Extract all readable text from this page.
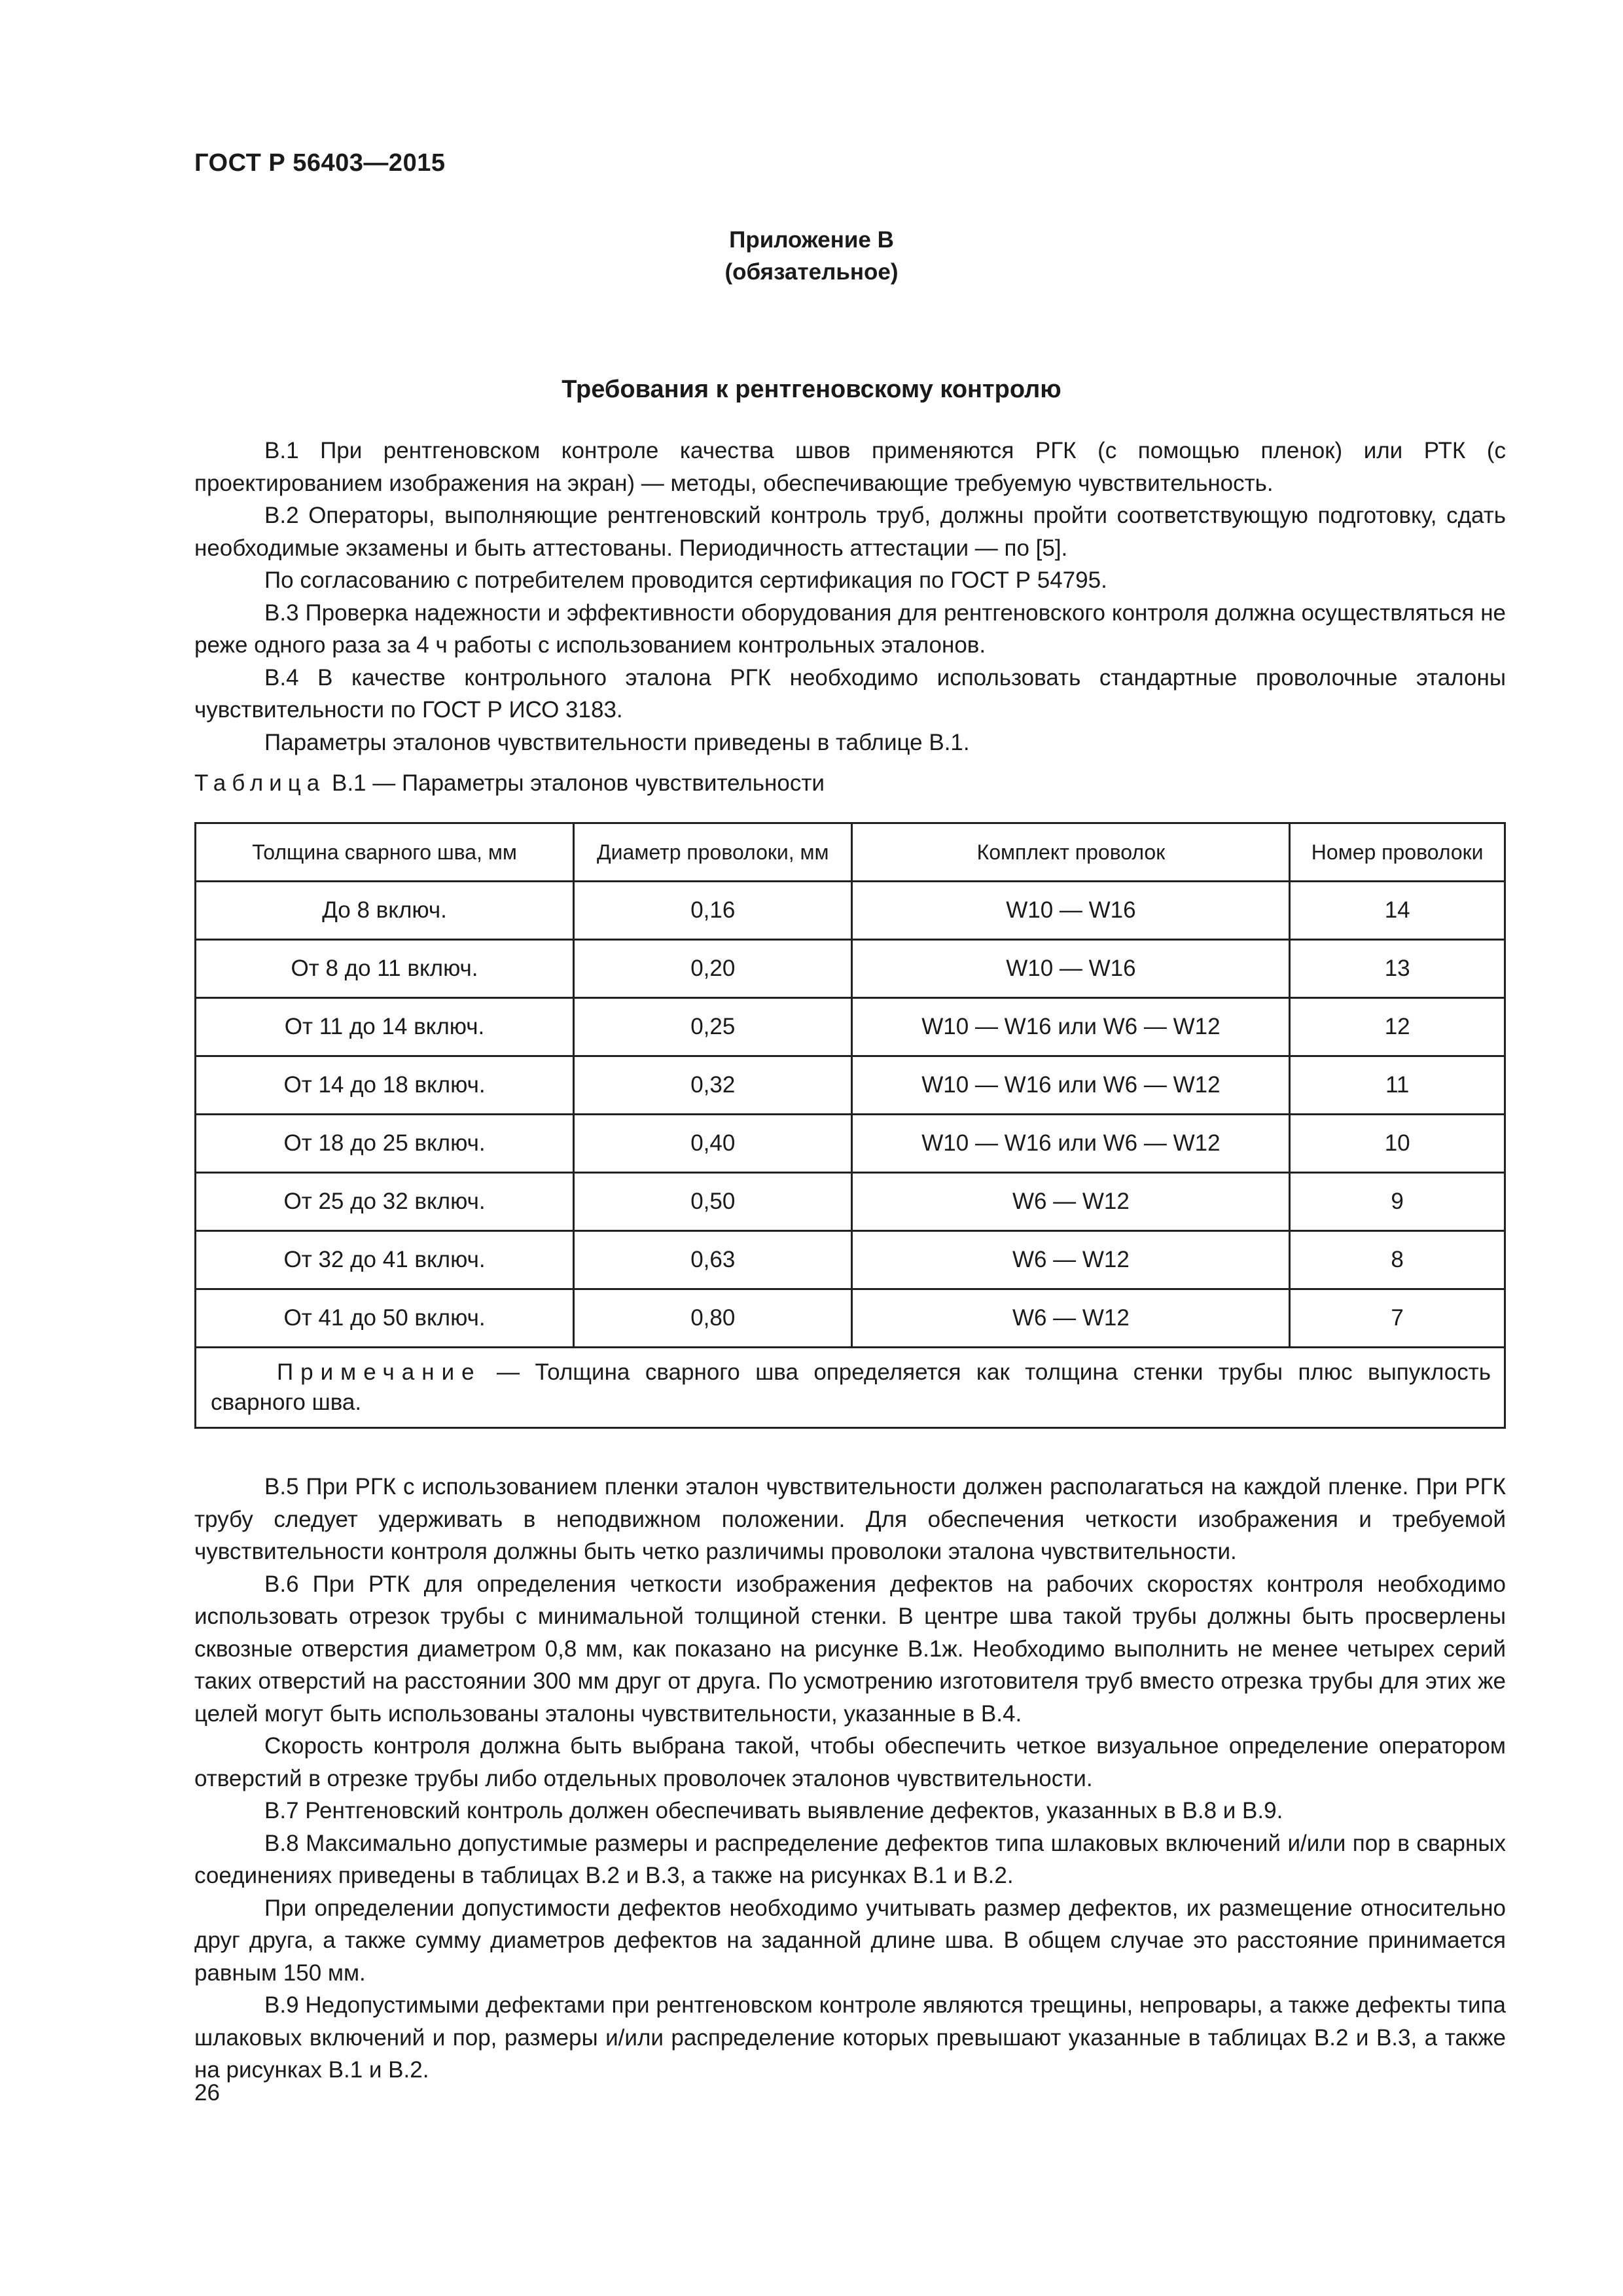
ГОСТ Р 56403—2015
Приложение В
(обязательное)
Требования к рентгеновскому контролю

В.1 При рентгеновском контроле качества швов применяются РГК (с помощью пленок) или РТК (с проектированием изображения на экран) — методы, обеспечивающие требуемую чувствительность.

В.2 Операторы, выполняющие рентгеновский контроль труб, должны пройти соответствующую подготовку, сдать необходимые экзамены и быть аттестованы. Периодичность аттестации — по [5].

По согласованию с потребителем проводится сертификация по ГОСТ Р 54795.

В.3 Проверка надежности и эффективности оборудования для рентгеновского контроля должна осуществляться не реже одного раза за 4 ч работы с использованием контрольных эталонов.

В.4 В качестве контрольного эталона РГК необходимо использовать стандартные проволочные эталоны чувствительности по ГОСТ Р ИСО 3183.

Параметры эталонов чувствительности приведены в таблице В.1.

Таблица В.1 — Параметры эталонов чувствительности
Толщина сварного шва, мм	Диаметр проволоки, мм	Комплект проволок	Номер проволоки
До 8 включ.	0,16	W10 — W16	14
От 8 до 11 включ.	0,20	W10 — W16	13
От 11 до 14 включ.	0,25	W10 — W16 или W6 — W12	12
От 14 до 18 включ.	0,32	W10 — W16 или W6 — W12	11
От 18 до 25 включ.	0,40	W10 — W16 или W6 — W12	10
От 25 до 32 включ.	0,50	W6 — W12	9
От 32 до 41 включ.	0,63	W6 — W12	8
От 41 до 50 включ.	0,80	W6 — W12	7
Примечание — Толщина сварного шва определяется как толщина стенки трубы плюс выпуклость сварного шва.			

В.5 При РГК с использованием пленки эталон чувствительности должен располагаться на каждой пленке. При РГК трубу следует удерживать в неподвижном положении. Для обеспечения четкости изображения и требуемой чувствительности контроля должны быть четко различимы проволоки эталона чувствительности.

В.6 При РТК для определения четкости изображения дефектов на рабочих скоростях контроля необходимо использовать отрезок трубы с минимальной толщиной стенки. В центре шва такой трубы должны быть просверлены сквозные отверстия диаметром 0,8 мм, как показано на рисунке В.1ж. Необходимо выполнить не менее четырех серий таких отверстий на расстоянии 300 мм друг от друга. По усмотрению изготовителя труб вместо отрезка трубы для этих же целей могут быть использованы эталоны чувствительности, указанные в В.4.

Скорость контроля должна быть выбрана такой, чтобы обеспечить четкое визуальное определение оператором отверстий в отрезке трубы либо отдельных проволочек эталонов чувствительности.

В.7 Рентгеновский контроль должен обеспечивать выявление дефектов, указанных в В.8 и В.9.

В.8 Максимально допустимые размеры и распределение дефектов типа шлаковых включений и/или пор в сварных соединениях приведены в таблицах В.2 и В.3, а также на рисунках В.1 и В.2.

При определении допустимости дефектов необходимо учитывать размер дефектов, их размещение относительно друг друга, а также сумму диаметров дефектов на заданной длине шва. В общем случае это расстояние принимается равным 150 мм.

В.9 Недопустимыми дефектами при рентгеновском контроле являются трещины, непровары, а также дефекты типа шлаковых включений и пор, размеры и/или распределение которых превышают указанные в таблицах В.2 и В.3, а также на рисунках В.1 и В.2.

26
